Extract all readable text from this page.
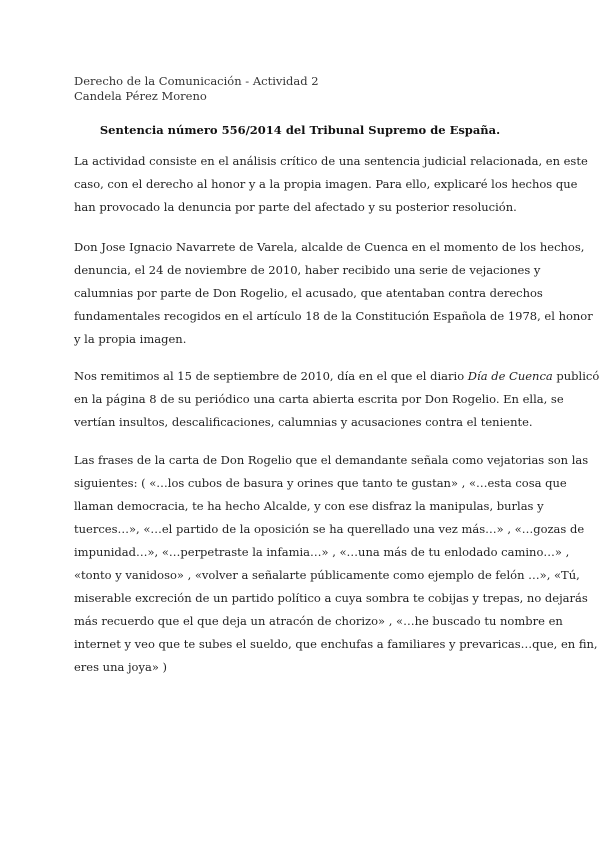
Derecho de la Comunicación - Actividad 2
Candela Pérez Moreno
Sentencia número 556/2014 del Tribunal Supremo de España.
La actividad consiste en el análisis crítico de una sentencia judicial relacionada, en este
caso, con el derecho al honor y a la propia imagen. Para ello, explicaré los hechos que
han provocado la denuncia por parte del afectado y su posterior resolución.
Don Jose Ignacio Navarrete de Varela, alcalde de Cuenca en el momento de los hechos,
denuncia, el 24 de noviembre de 2010, haber recibido una serie de vejaciones y
calumnias por parte de Don Rogelio, el acusado, que atentaban contra derechos
fundamentales recogidos en el artículo 18 de la Constitución Española de 1978, el honor
y la propia imagen.
Nos remitimos al 15 de septiembre de 2010, día en el que el diario Día de Cuenca publicó
en la página 8 de su periódico una carta abierta escrita por Don Rogelio. En ella, se
vertían insultos, descalificaciones, calumnias y acusaciones contra el teniente.
Las frases de la carta de Don Rogelio que el demandante señala como vejatorias son las
siguientes: ( «…los cubos de basura y orines que tanto te gustan» , «…esta cosa que
llaman democracia, te ha hecho Alcalde, y con ese disfraz la manipulas, burlas y
tuerces…», «…el partido de la oposición se ha querellado una vez más…» , «…gozas de
impunidad…», «…perpetraste la infamia…» , «…una más de tu enlodado camino…» ,
«tonto y vanidoso» , «volver a señalarte públicamente como ejemplo de felón …», «Tú,
miserable excreción de un partido político a cuya sombra te cobijas y trepas, no dejarás
más recuerdo que el que deja un atracón de chorizo» , «…he buscado tu nombre en
internet y veo que te subes el sueldo, que enchufas a familiares y prevaricas…que, en fin,
eres una joya» )
